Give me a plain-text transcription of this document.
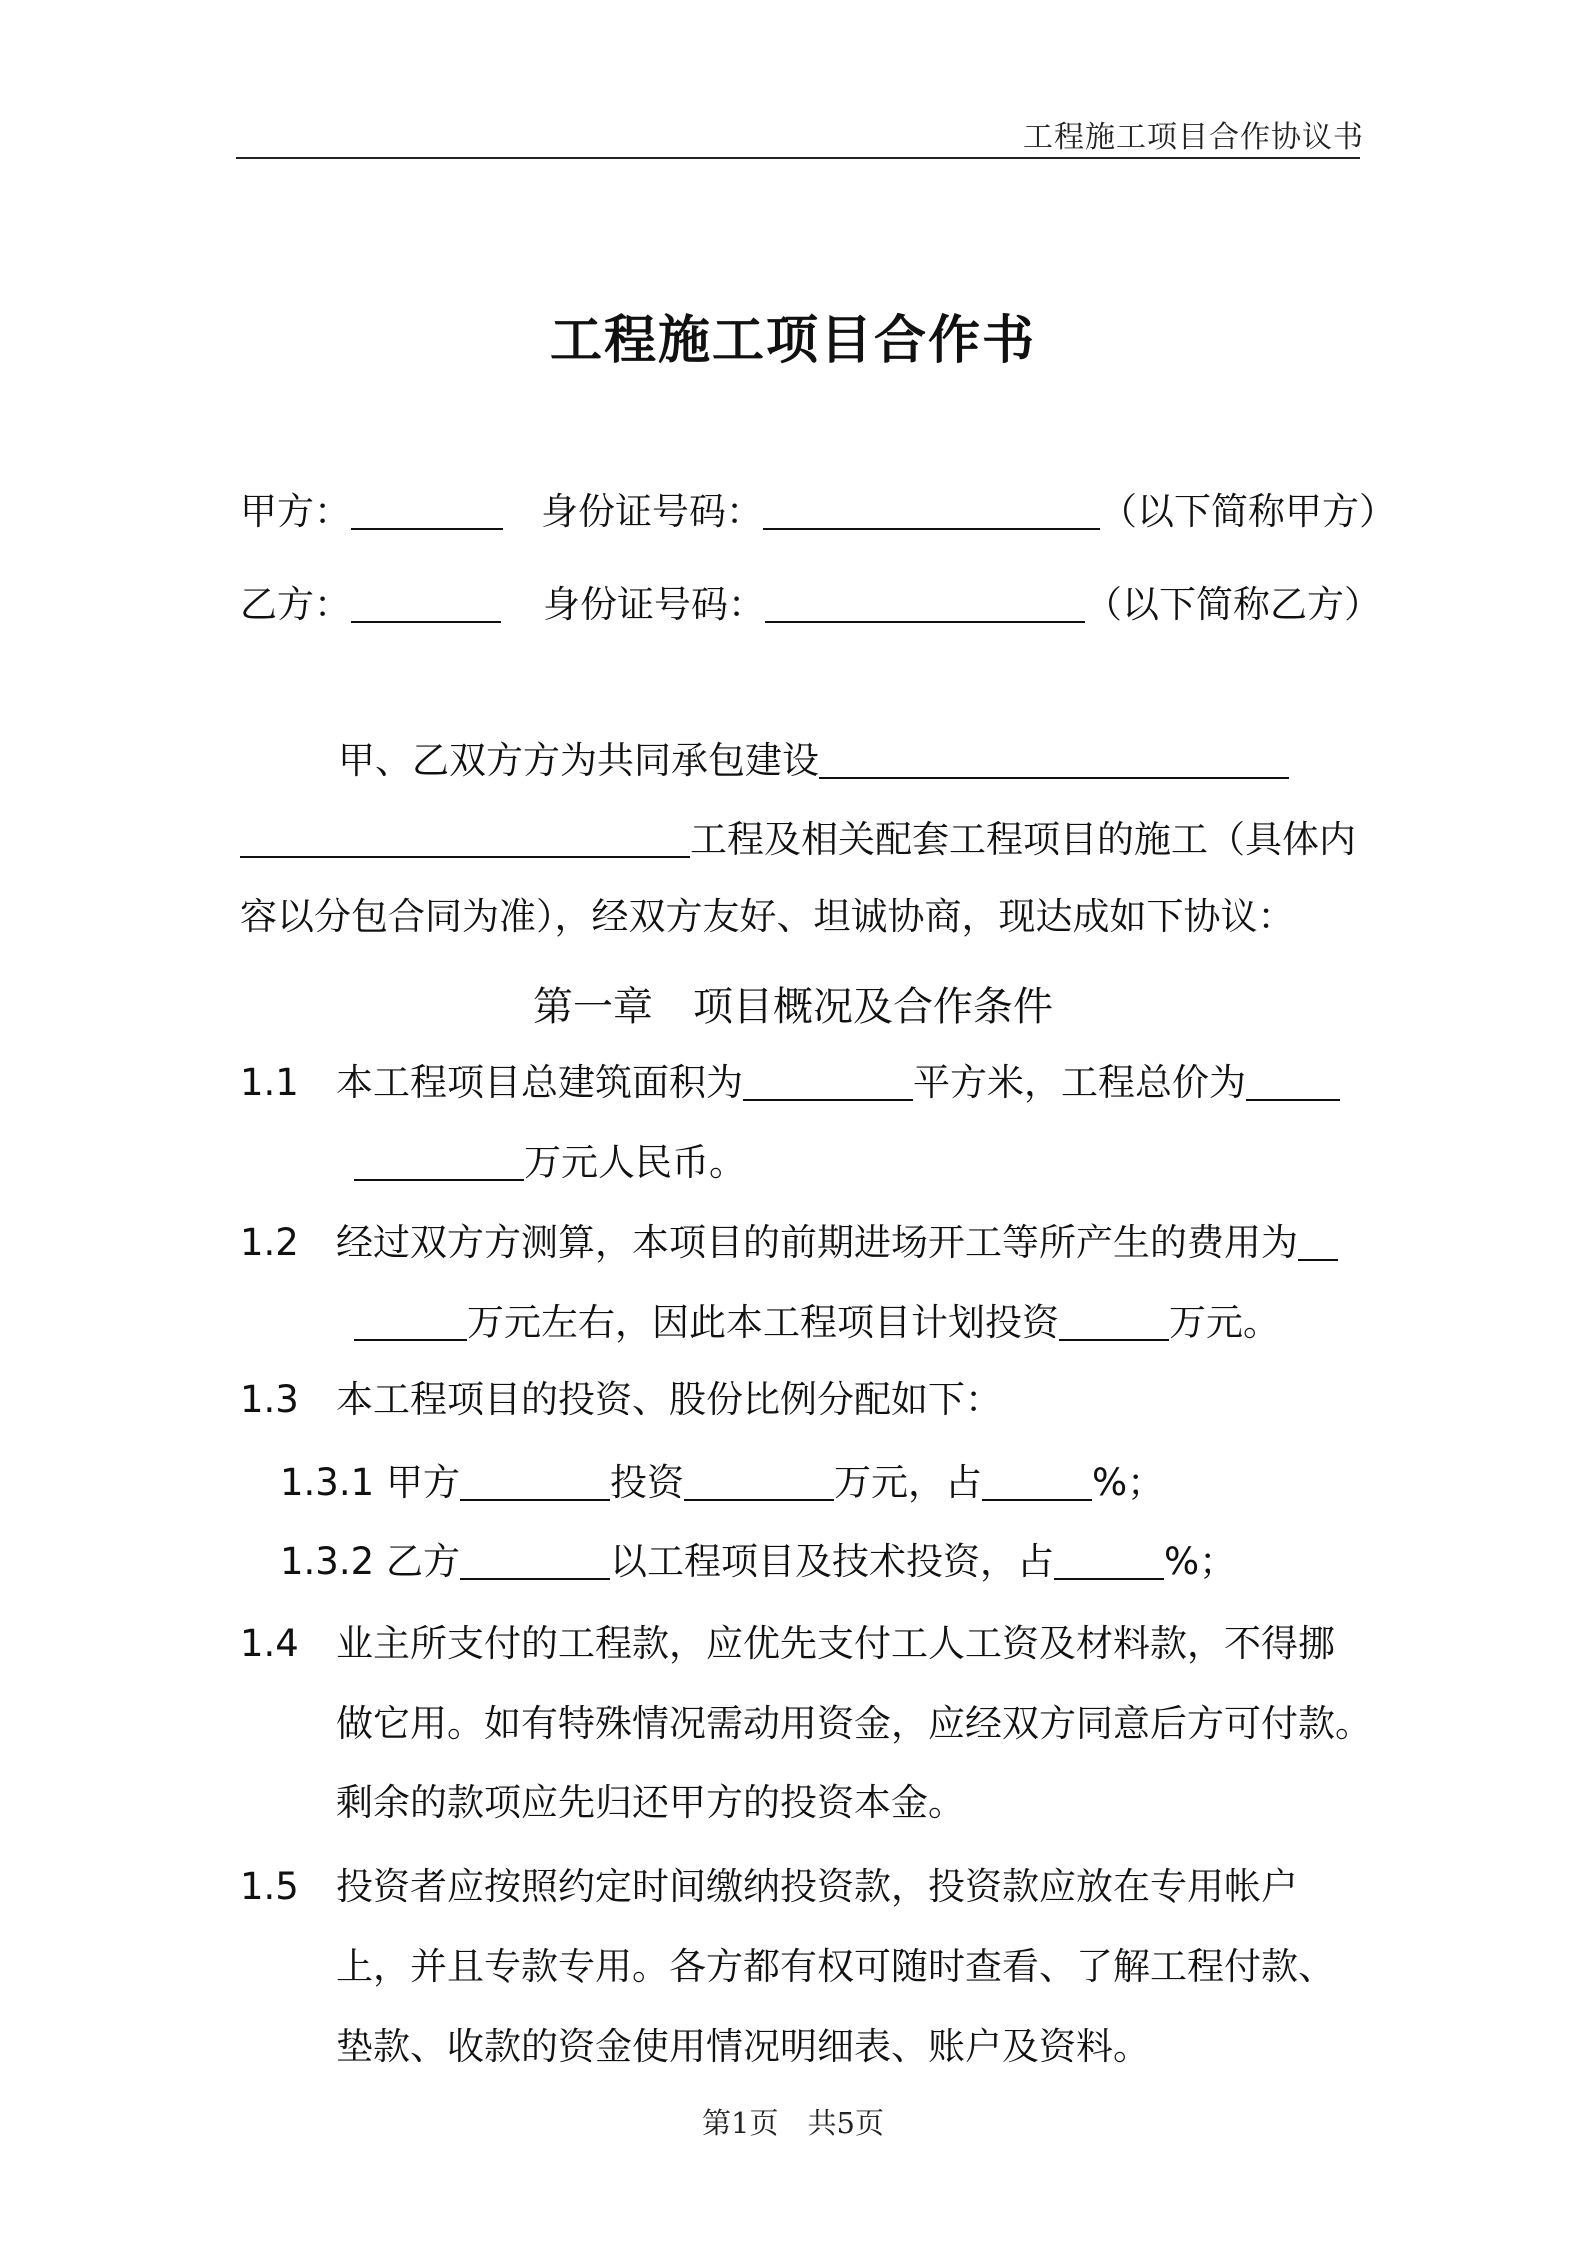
工程施工项目合作协议书
工程施工项目合作书
甲方：	身份证号码：	（以下简称甲方）
乙方：	身份证号码：	（以下简称乙方）
甲、乙双方方为共同承包建设
工程及相关配套工程项目的施工（具体内
容以分包合同为准），经双方友好、坦诚协商，现达成如下协议：
第一章　项目概况及合作条件
1.1 本工程项目总建筑面积为	平方米，工程总价为
万元人民币。
1.2 经过双方方测算，本项目的前期进场开工等所产生的费用为
万元左右，因此本工程项目计划投资	万元。
1.3 本工程项目的投资、股份比例分配如下：
1.3.1 甲方	投资	万元，占	%；
1.3.2 乙方	以工程项目及技术投资，占	%；
1.4 业主所支付的工程款，应优先支付工人工资及材料款，不得挪
做它用。如有特殊情况需动用资金，应经双方同意后方可付款。
剩余的款项应先归还甲方的投资本金。
1.5 投资者应按照约定时间缴纳投资款，投资款应放在专用帐户
上，并且专款专用。各方都有权可随时查看、了解工程付款、
垫款、收款的资金使用情况明细表、账户及资料。
第1页　共5页
